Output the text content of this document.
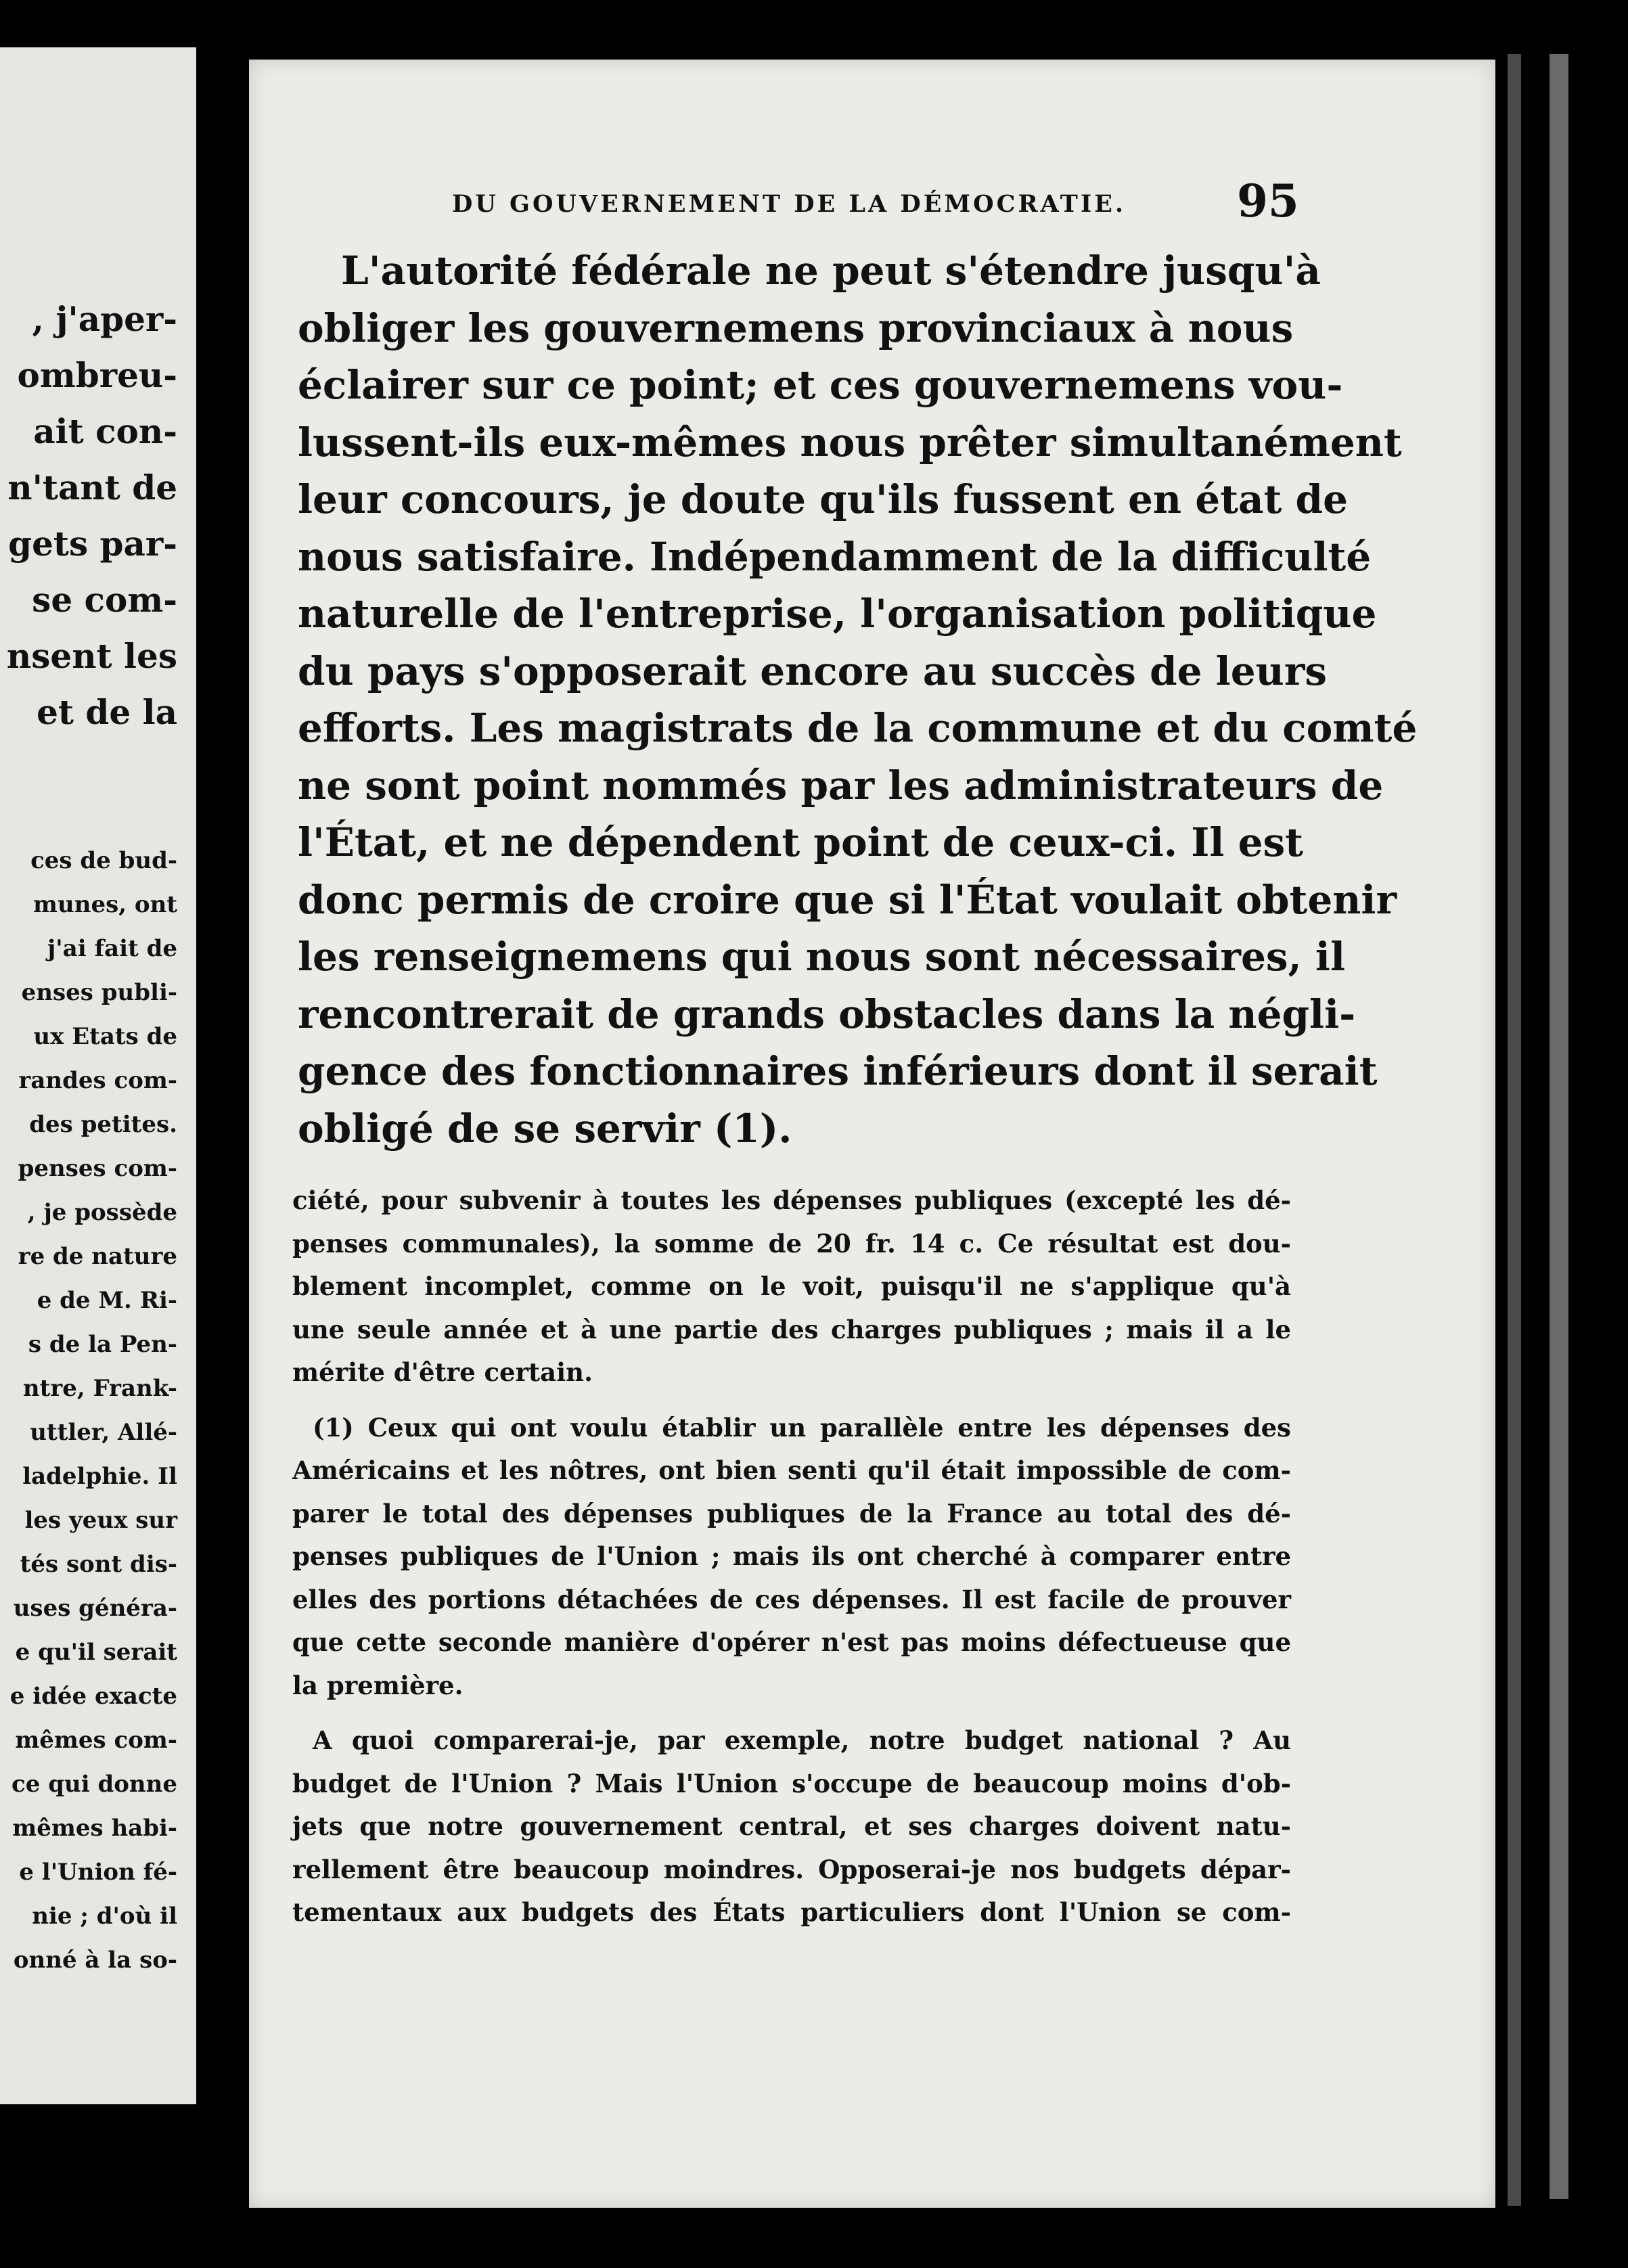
, j'aper-
ombreu-
ait con-
n'tant de
gets par-
se com-
nsent les
et de la
ces de bud-
munes, ont
j'ai fait de
enses publi-
ux Etats de
randes com-
des petites.
penses com-
, je possède
re de nature
e de M. Ri-
s de la Pen-
ntre, Frank-
uttler, Allé-
ladelphie. Il
les yeux sur
tés sont dis-
uses généra-
e qu'il serait
e idée exacte
mêmes com-
ce qui donne
mêmes habi-
e l'Union fé-
nie ; d'où il
onné à la so-
DU GOUVERNEMENT DE LA DÉMOCRATIE.	95
L'autorité fédérale ne peut s'étendre jusqu'à
obliger les gouvernemens provinciaux à nous
éclairer sur ce point; et ces gouvernemens vou-
lussent-ils eux-mêmes nous prêter simultanément
leur concours, je doute qu'ils fussent en état de
nous satisfaire. Indépendamment de la difficulté
naturelle de l'entreprise, l'organisation politique
du pays s'opposerait encore au succès de leurs
efforts. Les magistrats de la commune et du comté
ne sont point nommés par les administrateurs de
l'État, et ne dépendent point de ceux-ci. Il est
donc permis de croire que si l'État voulait obtenir
les renseignemens qui nous sont nécessaires, il
rencontrerait de grands obstacles dans la négli-
gence des fonctionnaires inférieurs dont il serait
obligé de se servir (1).
ciété, pour subvenir à toutes les dépenses publiques (excepté les dé-
penses communales), la somme de 20 fr. 14 c. Ce résultat est dou-
blement incomplet, comme on le voit, puisqu'il ne s'applique qu'à
une seule année et à une partie des charges publiques ; mais il a le
mérite d'être certain.
(1) Ceux qui ont voulu établir un parallèle entre les dépenses des
Américains et les nôtres, ont bien senti qu'il était impossible de com-
parer le total des dépenses publiques de la France au total des dé-
penses publiques de l'Union ; mais ils ont cherché à comparer entre
elles des portions détachées de ces dépenses. Il est facile de prouver
que cette seconde manière d'opérer n'est pas moins défectueuse que
la première.
A quoi comparerai-je, par exemple, notre budget national ? Au
budget de l'Union ? Mais l'Union s'occupe de beaucoup moins d'ob-
jets que notre gouvernement central, et ses charges doivent natu-
rellement être beaucoup moindres. Opposerai-je nos budgets dépar-
tementaux aux budgets des États particuliers dont l'Union se com-
